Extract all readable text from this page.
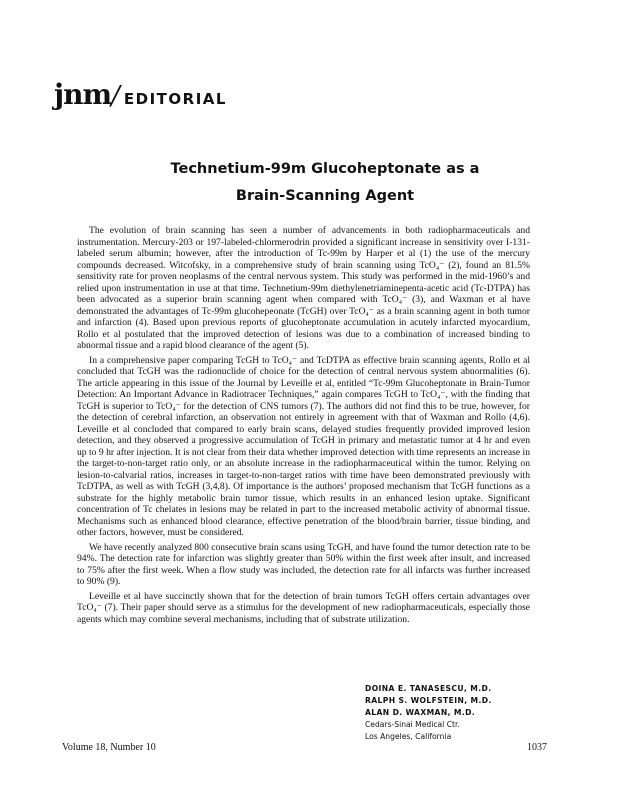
jnm/ EDITORIAL
Technetium-99m Glucoheptonate as a
Brain-Scanning Agent

The evolution of brain scanning has seen a number of advancements in both radiopharmaceuticals and instrumentation. Mercury-203 or 197-labeled-chlormerodrin provided a significant increase in sensitivity over I-131-labeled serum albumin; however, after the introduction of Tc-99m by Harper et al (1) the use of the mercury compounds decreased. Witcofsky, in a comprehensive study of brain scanning using TcO₄⁻ (2), found an 81.5% sensitivity rate for proven neoplasms of the central nervous system. This study was performed in the mid-1960’s and relied upon instrumentation in use at that time. Technetium-99m diethylenetriaminepenta-acetic acid (Tc-DTPA) has been advocated as a superior brain scanning agent when compared with TcO₄⁻ (3), and Waxman et al have demonstrated the advantages of Tc-99m glucohepeonate (TcGH) over TcO₄⁻ as a brain scanning agent in both tumor and infarction (4). Based upon previous reports of glucoheptonate accumulation in acutely infarcted myocardium, Rollo et al postulated that the improved detection of lesions was due to a combination of increased binding to abnormal tissue and a rapid blood clearance of the agent (5).

In a comprehensive paper comparing TcGH to TcO₄⁻ and TcDTPA as effective brain scanning agents, Rollo et al concluded that TcGH was the radionuclide of choice for the detection of central nervous system abnormalities (6). The article appearing in this issue of the Journal by Leveille et al, entitled “Tc-99m Glucoheptonate in Brain-Tumor Detection: An Important Advance in Radiotracer Techniques,” again compares TcGH to TcO₄⁻, with the finding that TcGH is superior to TcO₄⁻ for the detection of CNS tumors (7). The authors did not find this to be true, however, for the detection of cerebral infarction, an observation not entirely in agreement with that of Waxman and Rollo (4,6). Leveille et al concluded that compared to early brain scans, delayed studies frequently provided improved lesion detection, and they observed a progressive accumulation of TcGH in primary and metastatic tumor at 4 hr and even up to 9 hr after injection. It is not clear from their data whether improved detection with time represents an increase in the target-to-non-target ratio only, or an absolute increase in the radiopharmaceutical within the tumor. Relying on lesion-to-calvarial ratios, increases in target-to-non-target ratios with time have been demonstrated previously with TcDTPA, as well as with TcGH (3,4,8). Of importance is the authors’ proposed mechanism that TcGH functions as a substrate for the highly metabolic brain tumor tissue, which results in an enhanced lesion uptake. Significant concentration of Tc chelates in lesions may be related in part to the increased metabolic activity of abnormal tissue. Mechanisms such as enhanced blood clearance, effective penetration of the blood/brain barrier, tissue binding, and other factors, however, must be considered.

We have recently analyzed 800 consecutive brain scans using TcGH, and have found the tumor detection rate to be 94%. The detection rate for infarction was slightly greater than 50% within the first week after insult, and increased to 75% after the first week. When a flow study was included, the detection rate for all infarcts was further increased to 90% (9).

Leveille et al have succinctly shown that for the detection of brain tumors TcGH offers certain advantages over TcO₄⁻ (7). Their paper should serve as a stimulus for the development of new radiopharmaceuticals, especially those agents which may combine several mechanisms, including that of substrate utilization.

DOINA E. TANASESCU, M.D.
RALPH S. WOLFSTEIN, M.D.
ALAN D. WAXMAN, M.D.
Cedars-Sinai Medical Ctr.
Los Angeles, California
Volume 18, Number 10	1037
